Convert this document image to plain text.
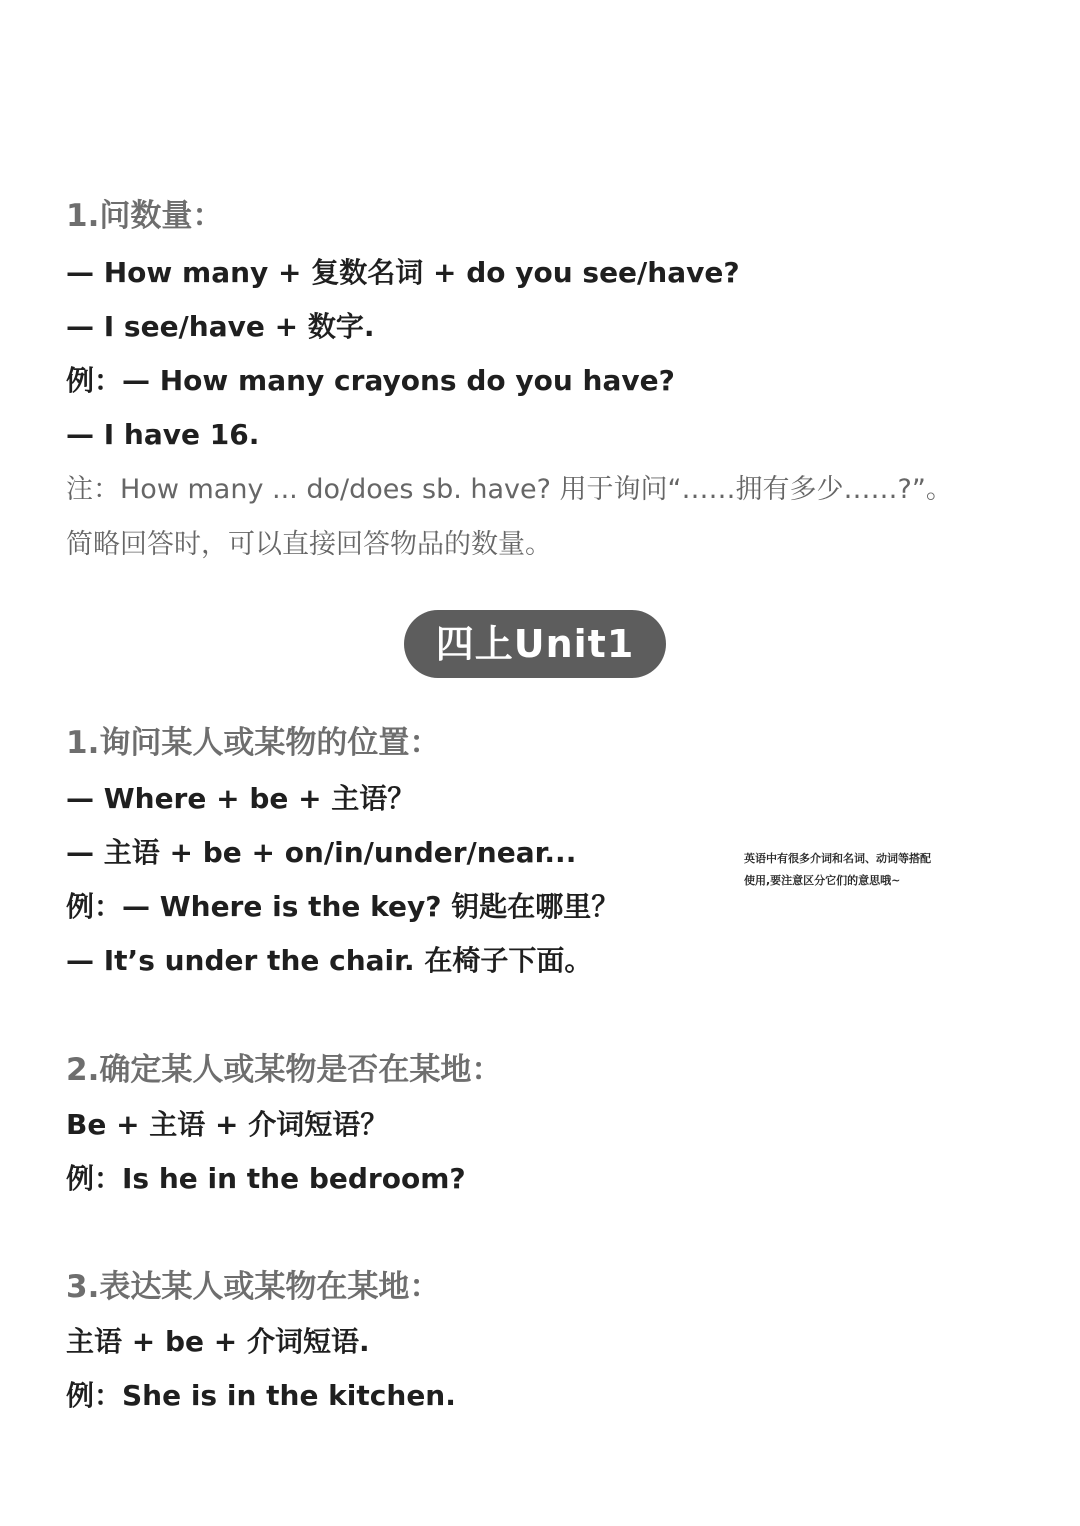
1.问数量：
— How many + 复数名词 + do you see/have?
— I see/have + 数字.
例：— How many crayons do you have?
— I have 16.
注：How many ... do/does sb. have? 用于询问“……拥有多少……?”。
简略回答时，可以直接回答物品的数量。
四上Unit1
1.询问某人或某物的位置：
— Where + be + 主语？
— 主语 + be + on/in/under/near...
例：— Where is the key? 钥匙在哪里？
— It’s under the chair. 在椅子下面。
英语中有很多介词和名词、动词等搭配使用,要注意区分它们的意思哦~
2.确定某人或某物是否在某地：
Be + 主语 + 介词短语？
例：Is he in the bedroom?
3.表达某人或某物在某地：
主语 + be + 介词短语.
例：She is in the kitchen.
